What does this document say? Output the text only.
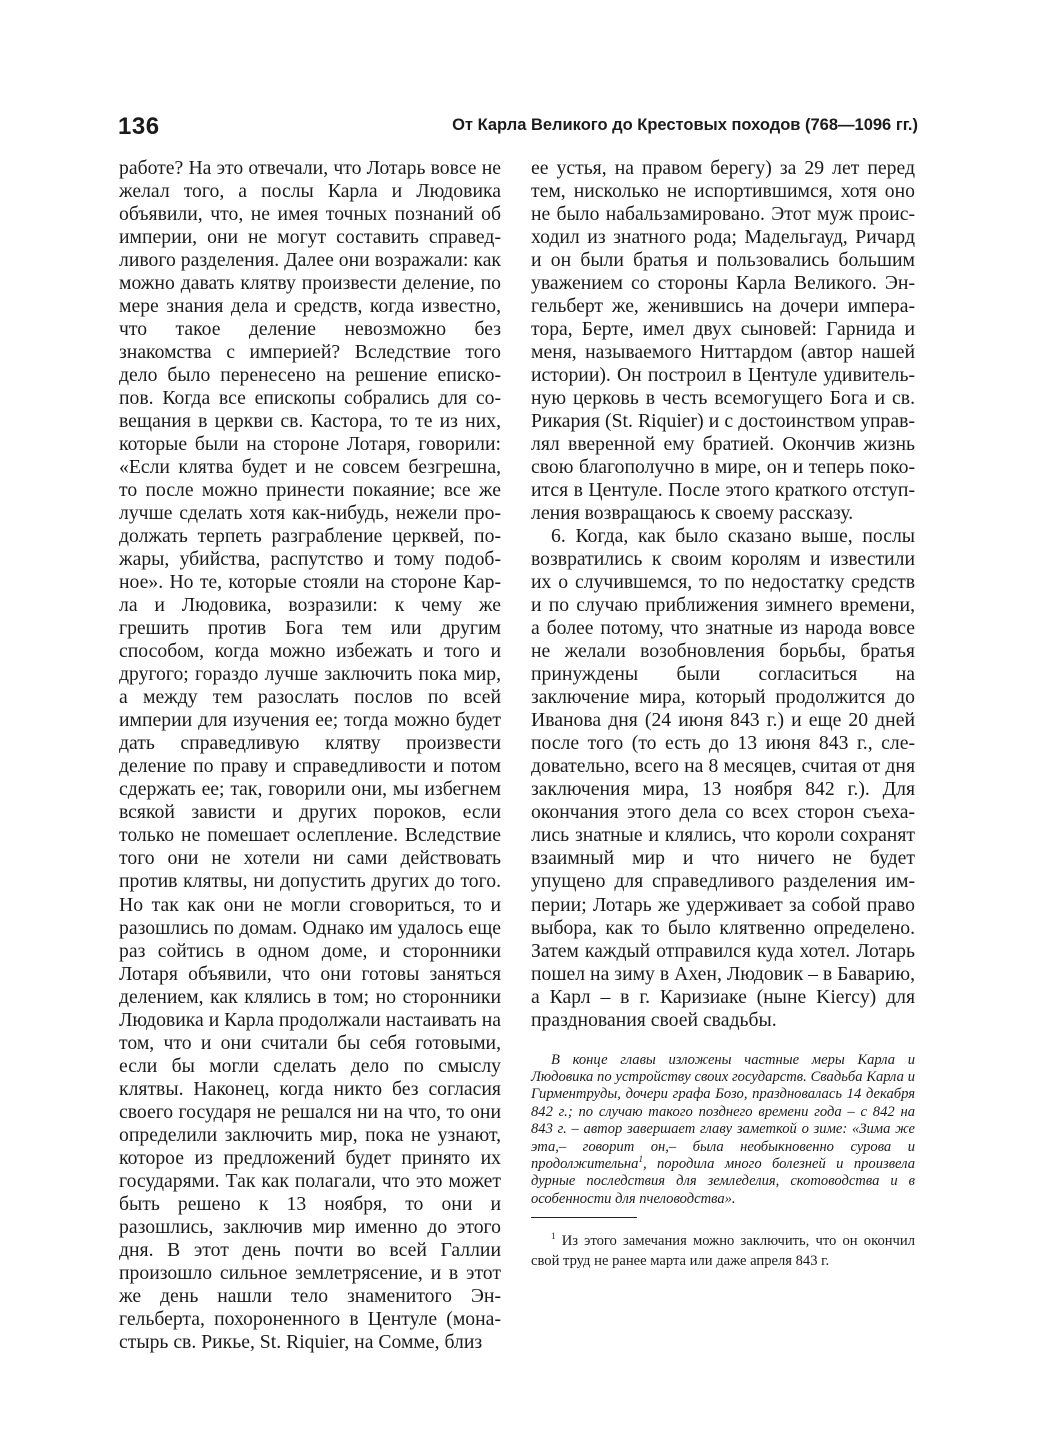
136	От Карла Великого до Крестовых походов (768—1096 гг.)

работе? На это отвечали, что Лотарь вовсе не желал того, а послы Карла и Людовика объявили, что, не имея точных познаний об империи, они не могут составить справедливого разделения. Далее они возражали: как можно давать клятву произвести деление, по мере знания дела и средств, когда известно, что такое деление невозможно без знакомства с империей? Вследствие того дело было перенесено на решение епископов. Когда все епископы собрались для совещания в церкви св. Кастора, то те из них, которые были на стороне Лотаря, говорили: «Если клятва будет и не совсем безгрешна, то после можно принести покаяние; все же лучше сделать хотя как-нибудь, нежели продолжать терпеть разграбление церквей, пожары, убийства, распутство и тому подобное». Но те, которые стояли на стороне Карла и Людовика, возразили: к чему же грешить против Бога тем или другим способом, когда можно избежать и того и другого; гораздо лучше заключить пока мир, а между тем разослать послов по всей империи для изучения ее; тогда можно будет дать справедливую клятву произвести деление по праву и справедливости и потом сдержать ее; так, говорили они, мы избегнем всякой зависти и других пороков, если только не помешает ослепление. Вследствие того они не хотели ни сами действовать против клятвы, ни допустить других до того. Но так как они не могли сговориться, то и разошлись по домам. Однако им удалось еще раз сойтись в одном доме, и сторонники Лотаря объявили, что они готовы заняться делением, как клялись в том; но сторонники Людовика и Карла продолжали настаивать на том, что и они считали бы себя готовыми, если бы могли сделать дело по смыслу клятвы. Наконец, когда никто без согласия своего государя не решался ни на что, то они определили заключить мир, пока не узнают, которое из предложений будет принято их государями. Так как полагали, что это может быть решено к 13 ноября, то они и разошлись, заключив мир именно до этого дня. В этот день почти во всей Галлии произошло сильное землетрясение, и в этот же день нашли тело знаменитого Энгельберта, похороненного в Центуле (монастырь св. Рикье, St. Riquier, на Сомме, близ

ее устья, на правом берегу) за 29 лет перед тем, нисколько не испортившимся, хотя оно не было набальзамировано. Этот муж происходил из знатного рода; Мадельгауд, Ричард и он были братья и пользовались большим уважением со стороны Карла Великого. Энгельберт же, женившись на дочери императора, Берте, имел двух сыновей: Гарнида и меня, называемого Ниттардом (автор нашей истории). Он построил в Центуле удивительную церковь в честь всемогущего Бога и св. Рикария (St. Riquier) и с достоинством управлял вверенной ему братией. Окончив жизнь свою благополучно в мире, он и теперь покоится в Центуле. После этого краткого отступления возвращаюсь к своему рассказу.

6. Когда, как было сказано выше, послы возвратились к своим королям и известили их о случившемся, то по недостатку средств и по случаю приближения зимнего времени, а более потому, что знатные из народа вовсе не желали возобновления борьбы, братья принуждены были согласиться на заключение мира, который продолжится до Иванова дня (24 июня 843 г.) и еще 20 дней после того (то есть до 13 июня 843 г., следовательно, всего на 8 месяцев, считая от дня заключения мира, 13 ноября 842 г.). Для окончания этого дела со всех сторон съехались знатные и клялись, что короли сохранят взаимный мир и что ничего не будет упущено для справедливого разделения империи; Лотарь же удерживает за собой право выбора, как то было клятвенно определено. Затем каждый отправился куда хотел. Лотарь пошел на зиму в Ахен, Людовик – в Баварию, а Карл – в г. Каризиаке (ныне Kiercy) для празднования своей свадьбы.

В конце главы изложены частные меры Карла и Людовика по устройству своих государств. Свадьба Карла и Гирментруды, дочери графа Бозо, праздновалась 14 декабря 842 г.; по случаю такого позднего времени года – с 842 на 843 г. – автор завершает главу заметкой о зиме: «Зима же эта,– говорит он,– была необыкновенно сурова и продолжительна$^1$, породила много болезней и произвела дурные последствия для земледелия, скотоводства и в особенности для пчеловодства».
$^1$ Из этого замечания можно заключить, что он окончил свой труд не ранее марта или даже апреля 843 г.
